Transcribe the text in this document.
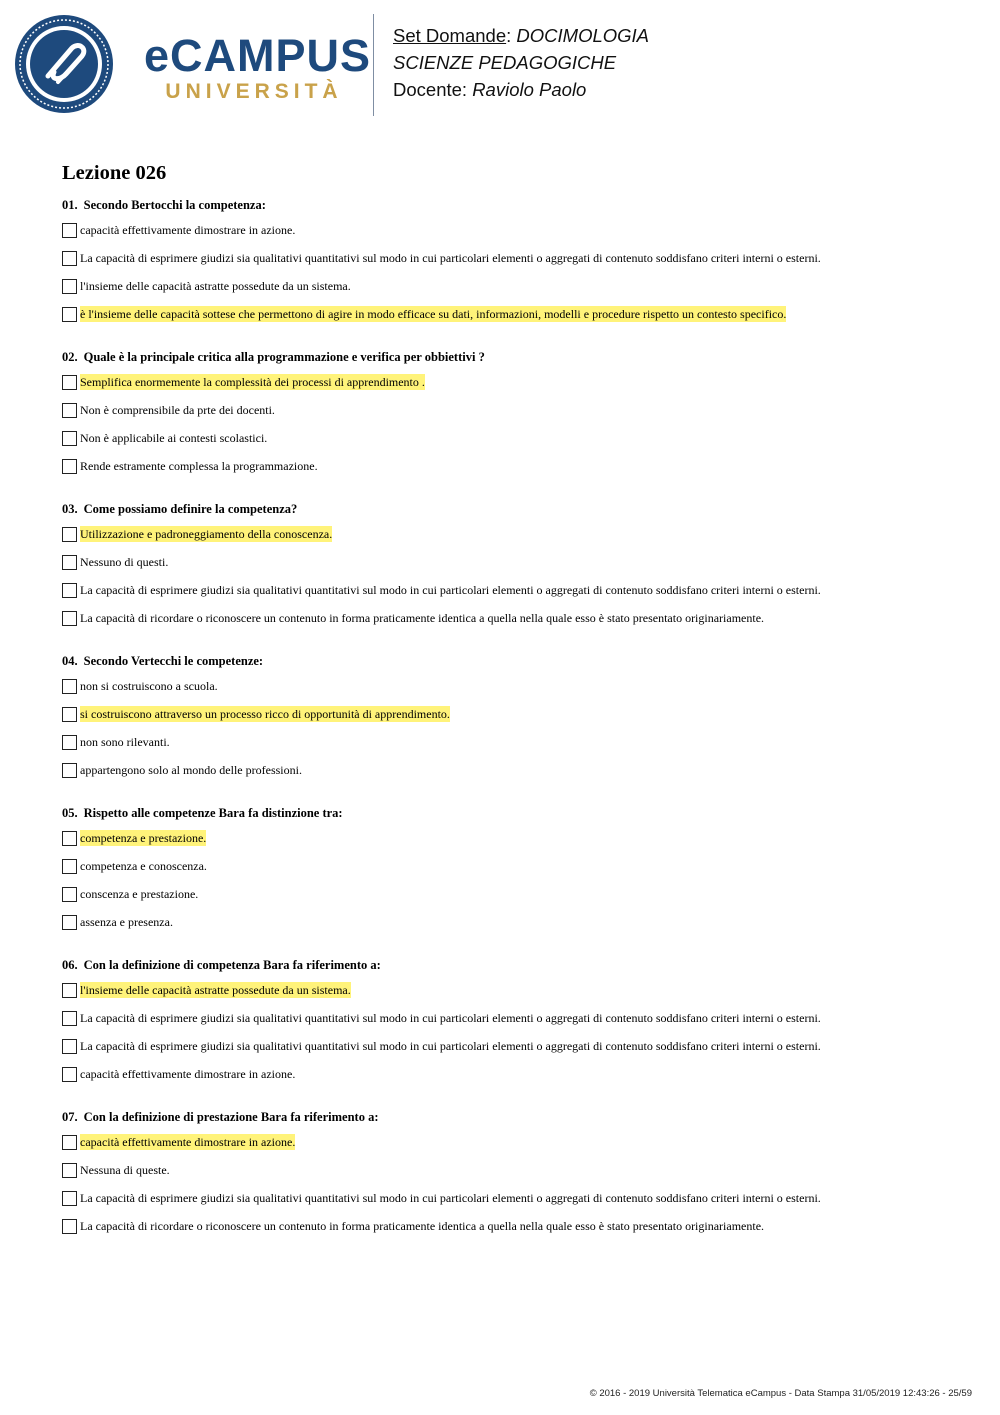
eCAMPUS
UNIVERSITÀ
Set Domande: DOCIMOLOGIA
SCIENZE PEDAGOGICHE
Docente: Raviolo Paolo
Lezione 026
01. Secondo Bertocchi la competenza:
capacità effettivamente dimostrare in azione.
La capacità di esprimere giudizi sia qualitativi quantitativi sul modo in cui particolari elementi o aggregati di contenuto soddisfano criteri interni o esterni.
l'insieme delle capacità astratte possedute da un sistema.
è l'insieme delle capacità sottese che permettono di agire in modo efficace su dati, informazioni, modelli e procedure rispetto un contesto specifico.
02. Quale è la principale critica alla programmazione e verifica per obbiettivi ?
Semplifica enormemente la complessità dei processi di apprendimento .
Non è comprensibile da prte dei docenti.
Non è applicabile ai contesti scolastici.
Rende estramente complessa la programmazione.
03. Come possiamo definire la competenza?
Utilizzazione e padroneggiamento della conoscenza.
Nessuno di questi.
La capacità di esprimere giudizi sia qualitativi quantitativi sul modo in cui particolari elementi o aggregati di contenuto soddisfano criteri interni o esterni.
La capacità di ricordare o riconoscere un contenuto in forma praticamente identica a quella nella quale esso è stato presentato originariamente.
04. Secondo Vertecchi le competenze:
non si costruiscono a scuola.
si costruiscono attraverso un processo ricco di opportunità di apprendimento.
non sono rilevanti.
appartengono solo al mondo delle professioni.
05. Rispetto alle competenze Bara fa distinzione tra:
competenza e prestazione.
competenza e conoscenza.
conscenza e prestazione.
assenza e presenza.
06. Con la definizione di competenza Bara fa riferimento a:
l'insieme delle capacità astratte possedute da un sistema.
La capacità di esprimere giudizi sia qualitativi quantitativi sul modo in cui particolari elementi o aggregati di contenuto soddisfano criteri interni o esterni.
La capacità di esprimere giudizi sia qualitativi quantitativi sul modo in cui particolari elementi o aggregati di contenuto soddisfano criteri interni o esterni.
capacità effettivamente dimostrare in azione.
07. Con la definizione di prestazione Bara fa riferimento a:
capacità effettivamente dimostrare in azione.
Nessuna di queste.
La capacità di esprimere giudizi sia qualitativi quantitativi sul modo in cui particolari elementi o aggregati di contenuto soddisfano criteri interni o esterni.
La capacità di ricordare o riconoscere un contenuto in forma praticamente identica a quella nella quale esso è stato presentato originariamente.
© 2016 - 2019 Università Telematica eCampus - Data Stampa 31/05/2019 12:43:26 - 25/59
